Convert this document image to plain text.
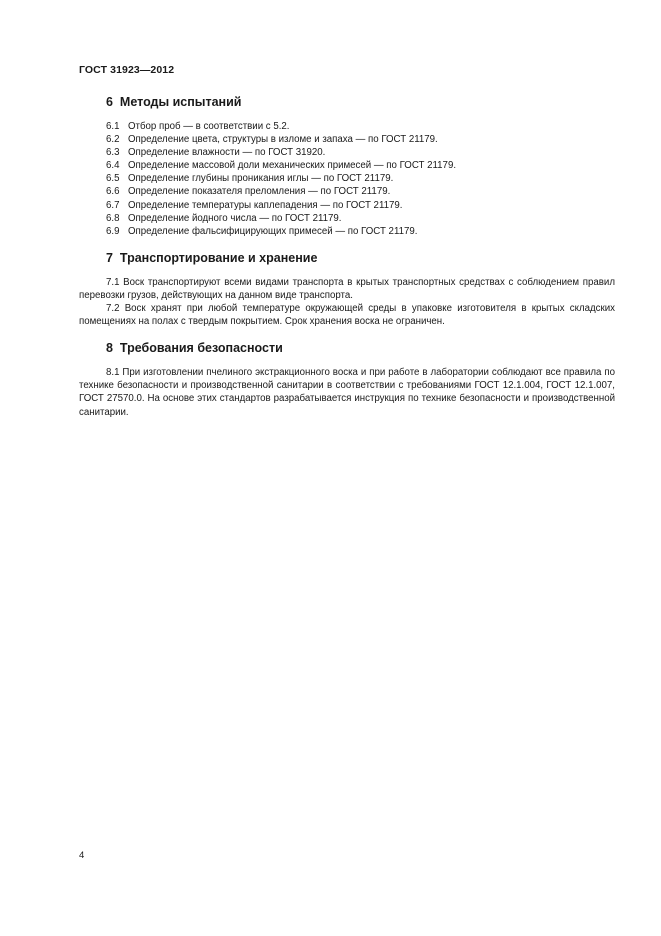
ГОСТ 31923—2012
6 Методы испытаний
6.1 Отбор проб — в соответствии с 5.2.
6.2 Определение цвета, структуры в изломе и запаха — по ГОСТ 21179.
6.3 Определение влажности — по ГОСТ 31920.
6.4 Определение массовой доли механических примесей — по ГОСТ 21179.
6.5 Определение глубины проникания иглы — по ГОСТ 21179.
6.6 Определение показателя преломления — по ГОСТ 21179.
6.7 Определение температуры каплепадения — по ГОСТ 21179.
6.8 Определение йодного числа — по ГОСТ 21179.
6.9 Определение фальсифицирующих примесей — по ГОСТ 21179.
7 Транспортирование и хранение

7.1 Воск транспортируют всеми видами транспорта в крытых транспортных средствах с соблюдением правил перевозки грузов, действующих на данном виде транспорта.

7.2 Воск хранят при любой температуре окружающей среды в упаковке изготовителя в крытых складских помещениях на полах с твердым покрытием. Срок хранения воска не ограничен.

8 Требования безопасности

8.1 При изготовлении пчелиного экстракционного воска и при работе в лаборатории соблюдают все правила по технике безопасности и производственной санитарии в соответствии с требованиями ГОСТ 12.1.004, ГОСТ 12.1.007, ГОСТ 27570.0. На основе этих стандартов разрабатывается инструкция по технике безопасности и производственной санитарии.

4
